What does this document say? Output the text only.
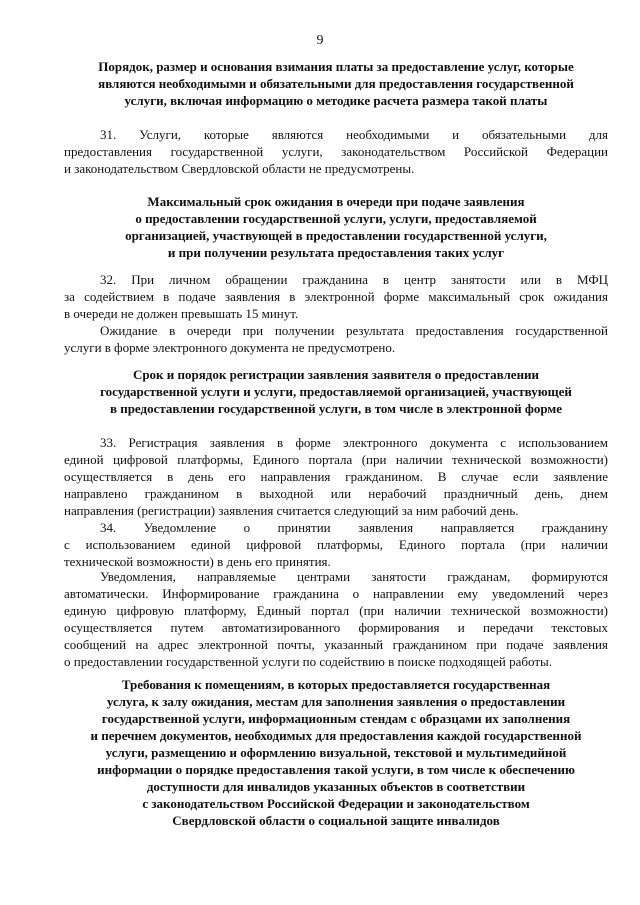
9
Порядок, размер и основания взимания платы за предоставление услуг, которые
являются необходимыми и обязательными для предоставления государственной
услуги, включая информацию о методике расчета размера такой платы
31. Услуги, которые являются необходимыми и обязательными для
предоставления государственной услуги, законодательством Российской Федерации
и законодательством Свердловской области не предусмотрены.
Максимальный срок ожидания в очереди при подаче заявления
о предоставлении государственной услуги, услуги, предоставляемой
организацией, участвующей в предоставлении государственной услуги,
и при получении результата предоставления таких услуг
32. При личном обращении гражданина в центр занятости или в МФЦ
за содействием в подаче заявления в электронной форме максимальный срок ожидания
в очереди не должен превышать 15 минут.
Ожидание в очереди при получении результата предоставления государственной
услуги в форме электронного документа не предусмотрено.
Срок и порядок регистрации заявления заявителя о предоставлении
государственной услуги и услуги, предоставляемой организацией, участвующей
в предоставлении государственной услуги, в том числе в электронной форме
33. Регистрация заявления в форме электронного документа с использованием
единой цифровой платформы, Единого портала (при наличии технической возможности)
осуществляется в день его направления гражданином. В случае если заявление
направлено гражданином в выходной или нерабочий праздничный день, днем
направления (регистрации) заявления считается следующий за ним рабочий день.
34. Уведомление о принятии заявления направляется гражданину
с использованием единой цифровой платформы, Единого портала (при наличии
технической возможности) в день его принятия.
Уведомления, направляемые центрами занятости гражданам, формируются
автоматически. Информирование гражданина о направлении ему уведомлений через
единую цифровую платформу, Единый портал (при наличии технической возможности)
осуществляется путем автоматизированного формирования и передачи текстовых
сообщений на адрес электронной почты, указанный гражданином при подаче заявления
о предоставлении государственной услуги по содействию в поиске подходящей работы.
Требования к помещениям, в которых предоставляется государственная
услуга, к залу ожидания, местам для заполнения заявления о предоставлении
государственной услуги, информационным стендам с образцами их заполнения
и перечнем документов, необходимых для предоставления каждой государственной
услуги, размещению и оформлению визуальной, текстовой и мультимедийной
информации о порядке предоставления такой услуги, в том числе к обеспечению
доступности для инвалидов указанных объектов в соответствии
с законодательством Российской Федерации и законодательством
Свердловской области о социальной защите инвалидов
